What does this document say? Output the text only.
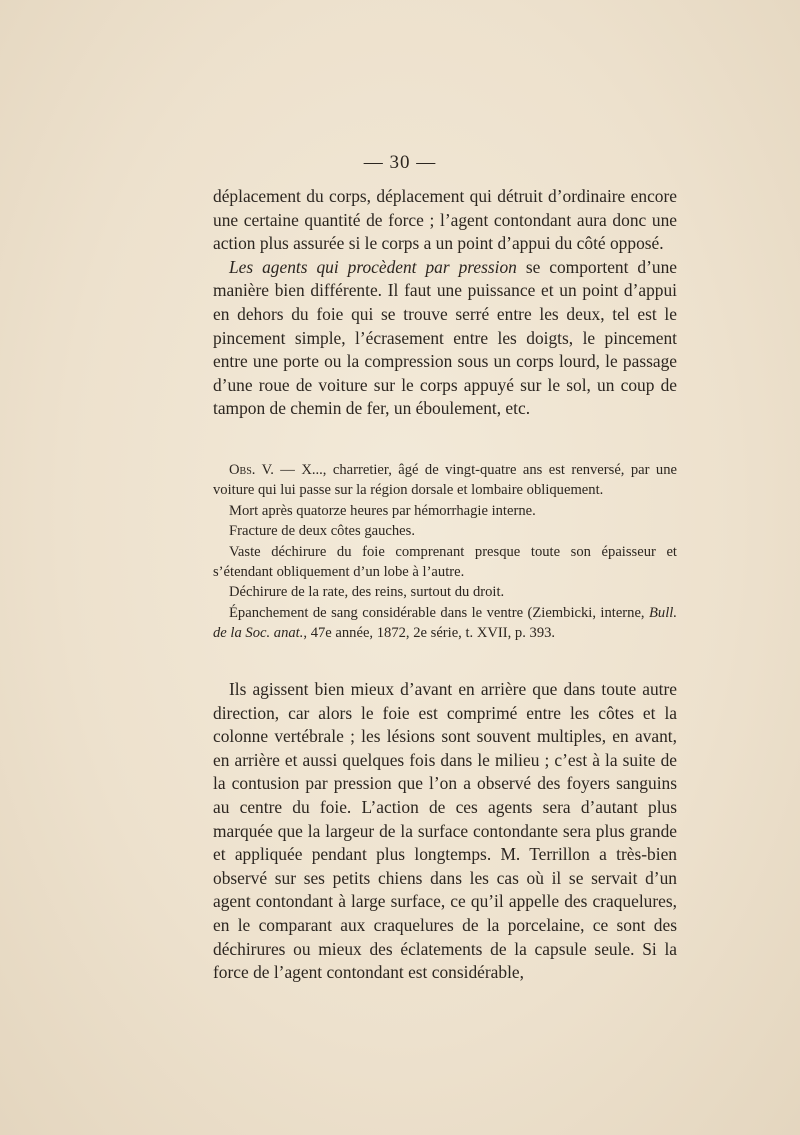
— 30 —

déplacement du corps, déplacement qui détruit d’ordinaire encore une certaine quantité de force ; l’agent contondant aura donc une action plus assurée si le corps a un point d’appui du côté opposé.

Les agents qui procèdent par pression se comportent d’une manière bien différente. Il faut une puissance et un point d’appui en dehors du foie qui se trouve serré entre les deux, tel est le pincement simple, l’écrasement entre les doigts, le pincement entre une porte ou la compression sous un corps lourd, le passage d’une roue de voiture sur le corps appuyé sur le sol, un coup de tampon de chemin de fer, un éboulement, etc.

Obs. V. — X..., charretier, âgé de vingt-quatre ans est renversé, par une voiture qui lui passe sur la région dorsale et lombaire obliquement.

Mort après quatorze heures par hémorrhagie interne.

Fracture de deux côtes gauches.

Vaste déchirure du foie comprenant presque toute son épaisseur et s’étendant obliquement d’un lobe à l’autre.

Déchirure de la rate, des reins, surtout du droit.

Épanchement de sang considérable dans le ventre (Ziembicki, interne, Bull. de la Soc. anat., 47e année, 1872, 2e série, t. XVII, p. 393.

Ils agissent bien mieux d’avant en arrière que dans toute autre direction, car alors le foie est comprimé entre les côtes et la colonne vertébrale ; les lésions sont souvent multiples, en avant, en arrière et aussi quelques fois dans le milieu ; c’est à la suite de la contusion par pression que l’on a observé des foyers sanguins au centre du foie. L’action de ces agents sera d’autant plus marquée que la largeur de la surface contondante sera plus grande et appliquée pendant plus longtemps. M. Terrillon a très-bien observé sur ses petits chiens dans les cas où il se servait d’un agent contondant à large surface, ce qu’il appelle des craquelures, en le comparant aux craquelures de la porcelaine, ce sont des déchirures ou mieux des éclatements de la capsule seule. Si la force de l’agent contondant est considérable,
